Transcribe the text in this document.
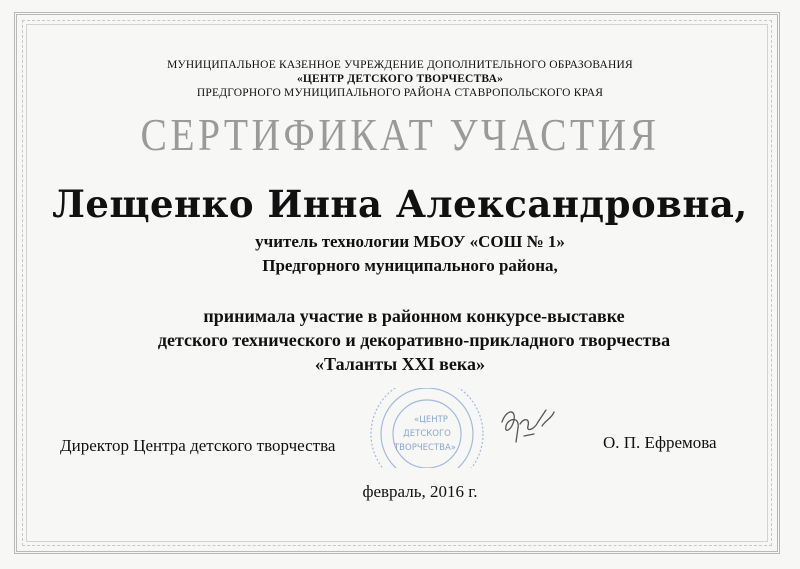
МУНИЦИПАЛЬНОЕ КАЗЕННОЕ УЧРЕЖДЕНИЕ ДОПОЛНИТЕЛЬНОГО ОБРАЗОВАНИЯ
«ЦЕНТР ДЕТСКОГО ТВОРЧЕСТВА»
ПРЕДГОРНОГО МУНИЦИПАЛЬНОГО РАЙОНА СТАВРОПОЛЬСКОГО КРАЯ
СЕРТИФИКАТ УЧАСТИЯ
Лещенко Инна Александровна,
учитель технологии МБОУ «СОШ № 1»
Предгорного муниципального района,
принимала участие в районном конкурсе-выставке
детского технического и декоративно-прикладного творчества
«Таланты XXI века»
«ЦЕНТР
ДЕТСКОГО
ТВОРЧЕСТВА»
Директор Центра детского творчества	О. П. Ефремова
февраль, 2016 г.
